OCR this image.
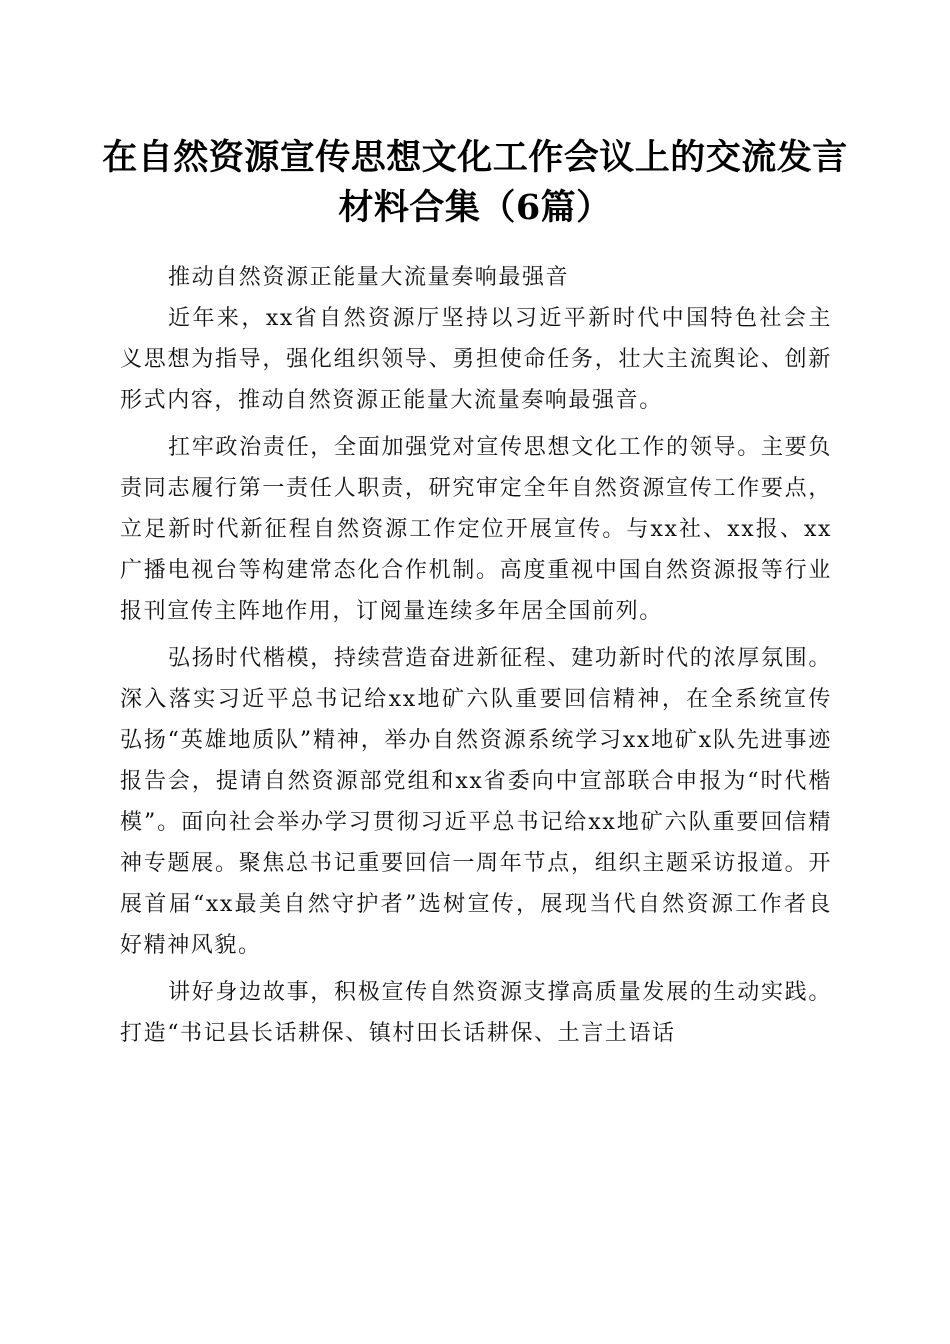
在自然资源宣传思想文化工作会议上的交流发言材料合集（6篇）

推动自然资源正能量大流量奏响最强音

近年来，xx省自然资源厅坚持以习近平新时代中国特色社会主义思想为指导，强化组织领导、勇担使命任务，壮大主流舆论、创新形式内容，推动自然资源正能量大流量奏响最强音。

扛牢政治责任，全面加强党对宣传思想文化工作的领导。主要负责同志履行第一责任人职责，研究审定全年自然资源宣传工作要点，立足新时代新征程自然资源工作定位开展宣传。与xx社、xx报、xx广播电视台等构建常态化合作机制。高度重视中国自然资源报等行业报刊宣传主阵地作用，订阅量连续多年居全国前列。

弘扬时代楷模，持续营造奋进新征程、建功新时代的浓厚氛围。深入落实习近平总书记给xx地矿六队重要回信精神，在全系统宣传弘扬“英雄地质队”精神，举办自然资源系统学习xx地矿x队先进事迹报告会，提请自然资源部党组和xx省委向中宣部联合申报为“时代楷模”。面向社会举办学习贯彻习近平总书记给xx地矿六队重要回信精神专题展。聚焦总书记重要回信一周年节点，组织主题采访报道。开展首届“xx最美自然守护者”选树宣传，展现当代自然资源工作者良好精神风貌。

讲好身边故事，积极宣传自然资源支撑高质量发展的生动实践。打造“书记县长话耕保、镇村田长话耕保、土言土语话
